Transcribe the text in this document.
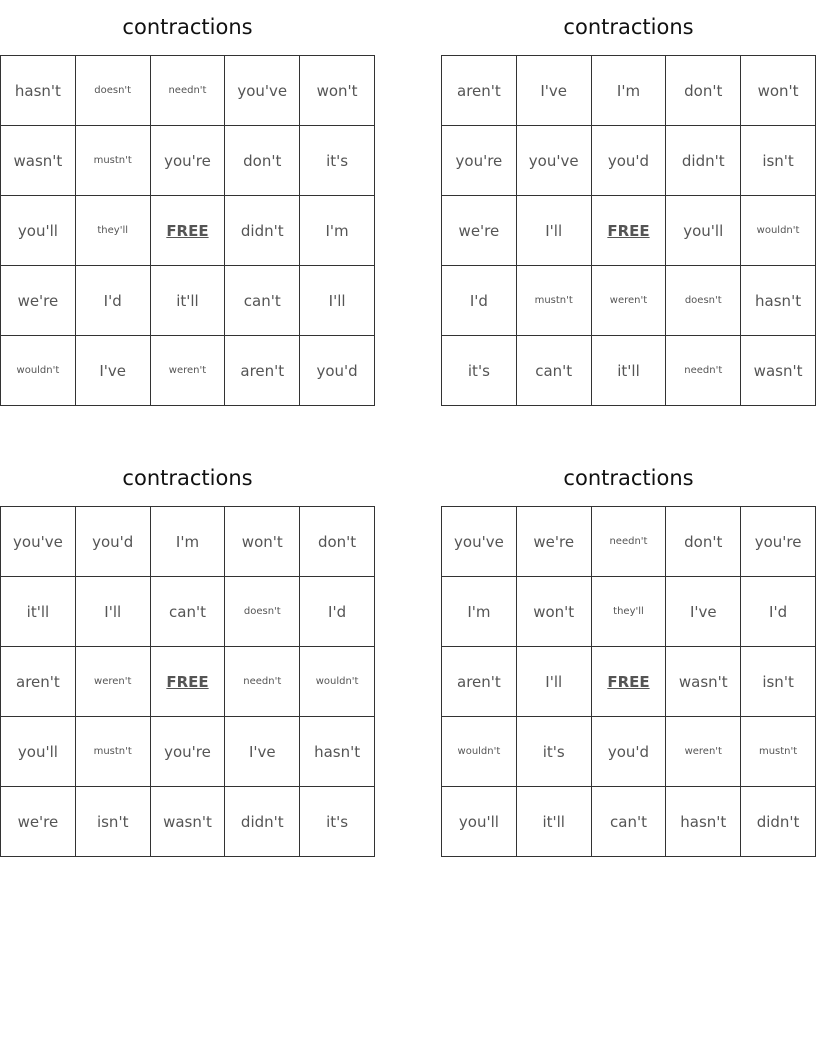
contractions
hasn't	doesn't	needn't	you've	won't
wasn't	mustn't	you're	don't	it's
you'll	they'll	FREE	didn't	I'm
we're	I'd	it'll	can't	I'll
wouldn't	I've	weren't	aren't	you'd
contractions
aren't	I've	I'm	don't	won't
you're	you've	you'd	didn't	isn't
we're	I'll	FREE	you'll	wouldn't
I'd	mustn't	weren't	doesn't	hasn't
it's	can't	it'll	needn't	wasn't
contractions
you've	you'd	I'm	won't	don't
it'll	I'll	can't	doesn't	I'd
aren't	weren't	FREE	needn't	wouldn't
you'll	mustn't	you're	I've	hasn't
we're	isn't	wasn't	didn't	it's
contractions
you've	we're	needn't	don't	you're
I'm	won't	they'll	I've	I'd
aren't	I'll	FREE	wasn't	isn't
wouldn't	it's	you'd	weren't	mustn't
you'll	it'll	can't	hasn't	didn't
